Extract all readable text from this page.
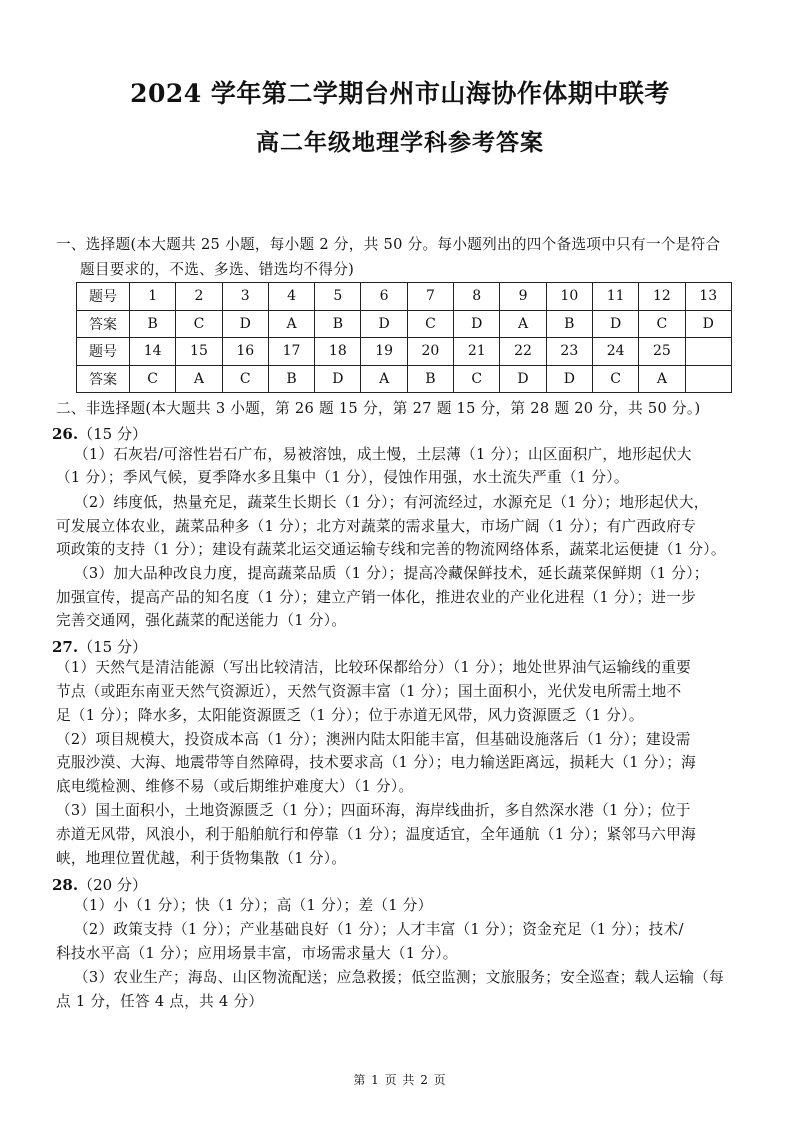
2024 学年第二学期台州市山海协作体期中联考
高二年级地理学科参考答案
一、选择题(本大题共 25 小题，每小题 2 分，共 50 分。每小题列出的四个备选项中只有一个是符合
题目要求的，不选、多选、错选均不得分)
题号	1	2	3	4	5	6	7	8	9	10	11	12	13
答案	B	C	D	A	B	D	C	D	A	B	D	C	D
题号	14	15	16	17	18	19	20	21	22	23	24	25	
答案	C	A	C	B	D	A	B	C	D	D	C	A	
二、非选择题(本大题共 3 小题，第 26 题 15 分，第 27 题 15 分，第 28 题 20 分，共 50 分。)
26.（15 分）
（1）石灰岩/可溶性岩石广布，易被溶蚀，成土慢，土层薄（1 分）；山区面积广，地形起伏大
（1 分）；季风气候，夏季降水多且集中（1 分），侵蚀作用强，水土流失严重（1 分）。
（2）纬度低，热量充足，蔬菜生长期长（1 分）；有河流经过，水源充足（1 分）；地形起伏大，
可发展立体农业，蔬菜品种多（1 分）；北方对蔬菜的需求量大，市场广阔（1 分）；有广西政府专
项政策的支持（1 分）；建设有蔬菜北运交通运输专线和完善的物流网络体系，蔬菜北运便捷（1 分）。
（3）加大品种改良力度，提高蔬菜品质（1 分）；提高冷藏保鲜技术，延长蔬菜保鲜期（1 分）；
加强宣传，提高产品的知名度（1 分）；建立产销一体化，推进农业的产业化进程（1 分）；进一步
完善交通网，强化蔬菜的配送能力（1 分）。
27.（15 分）
（1）天然气是清洁能源（写出比较清洁，比较环保都给分）（1 分）；地处世界油气运输线的重要
节点（或距东南亚天然气资源近），天然气资源丰富（1 分）；国土面积小，光伏发电所需土地不
足（1 分）；降水多，太阳能资源匮乏（1 分）；位于赤道无风带，风力资源匮乏（1 分）。
（2）项目规模大，投资成本高（1 分）；澳洲内陆太阳能丰富，但基础设施落后（1 分）；建设需
克服沙漠、大海、地震带等自然障碍，技术要求高（1 分）；电力输送距离远，损耗大（1 分）；海
底电缆检测、维修不易（或后期维护难度大）（1 分）。
（3）国土面积小，土地资源匮乏（1 分）；四面环海，海岸线曲折，多自然深水港（1 分）；位于
赤道无风带，风浪小，利于船舶航行和停靠（1 分）；温度适宜，全年通航（1 分）；紧邻马六甲海
峡，地理位置优越，利于货物集散（1 分）。
28.（20 分）
（1）小（1 分）；快（1 分）；高（1 分）；差（1 分）
（2）政策支持（1 分）；产业基础良好（1 分）；人才丰富（1 分）；资金充足（1 分）；技术/
科技水平高（1 分）；应用场景丰富，市场需求量大（1 分）。
（3）农业生产；海岛、山区物流配送；应急救援；低空监测；文旅服务；安全巡查；载人运输（每
点 1 分，任答 4 点，共 4 分）
第 1 页 共 2 页
